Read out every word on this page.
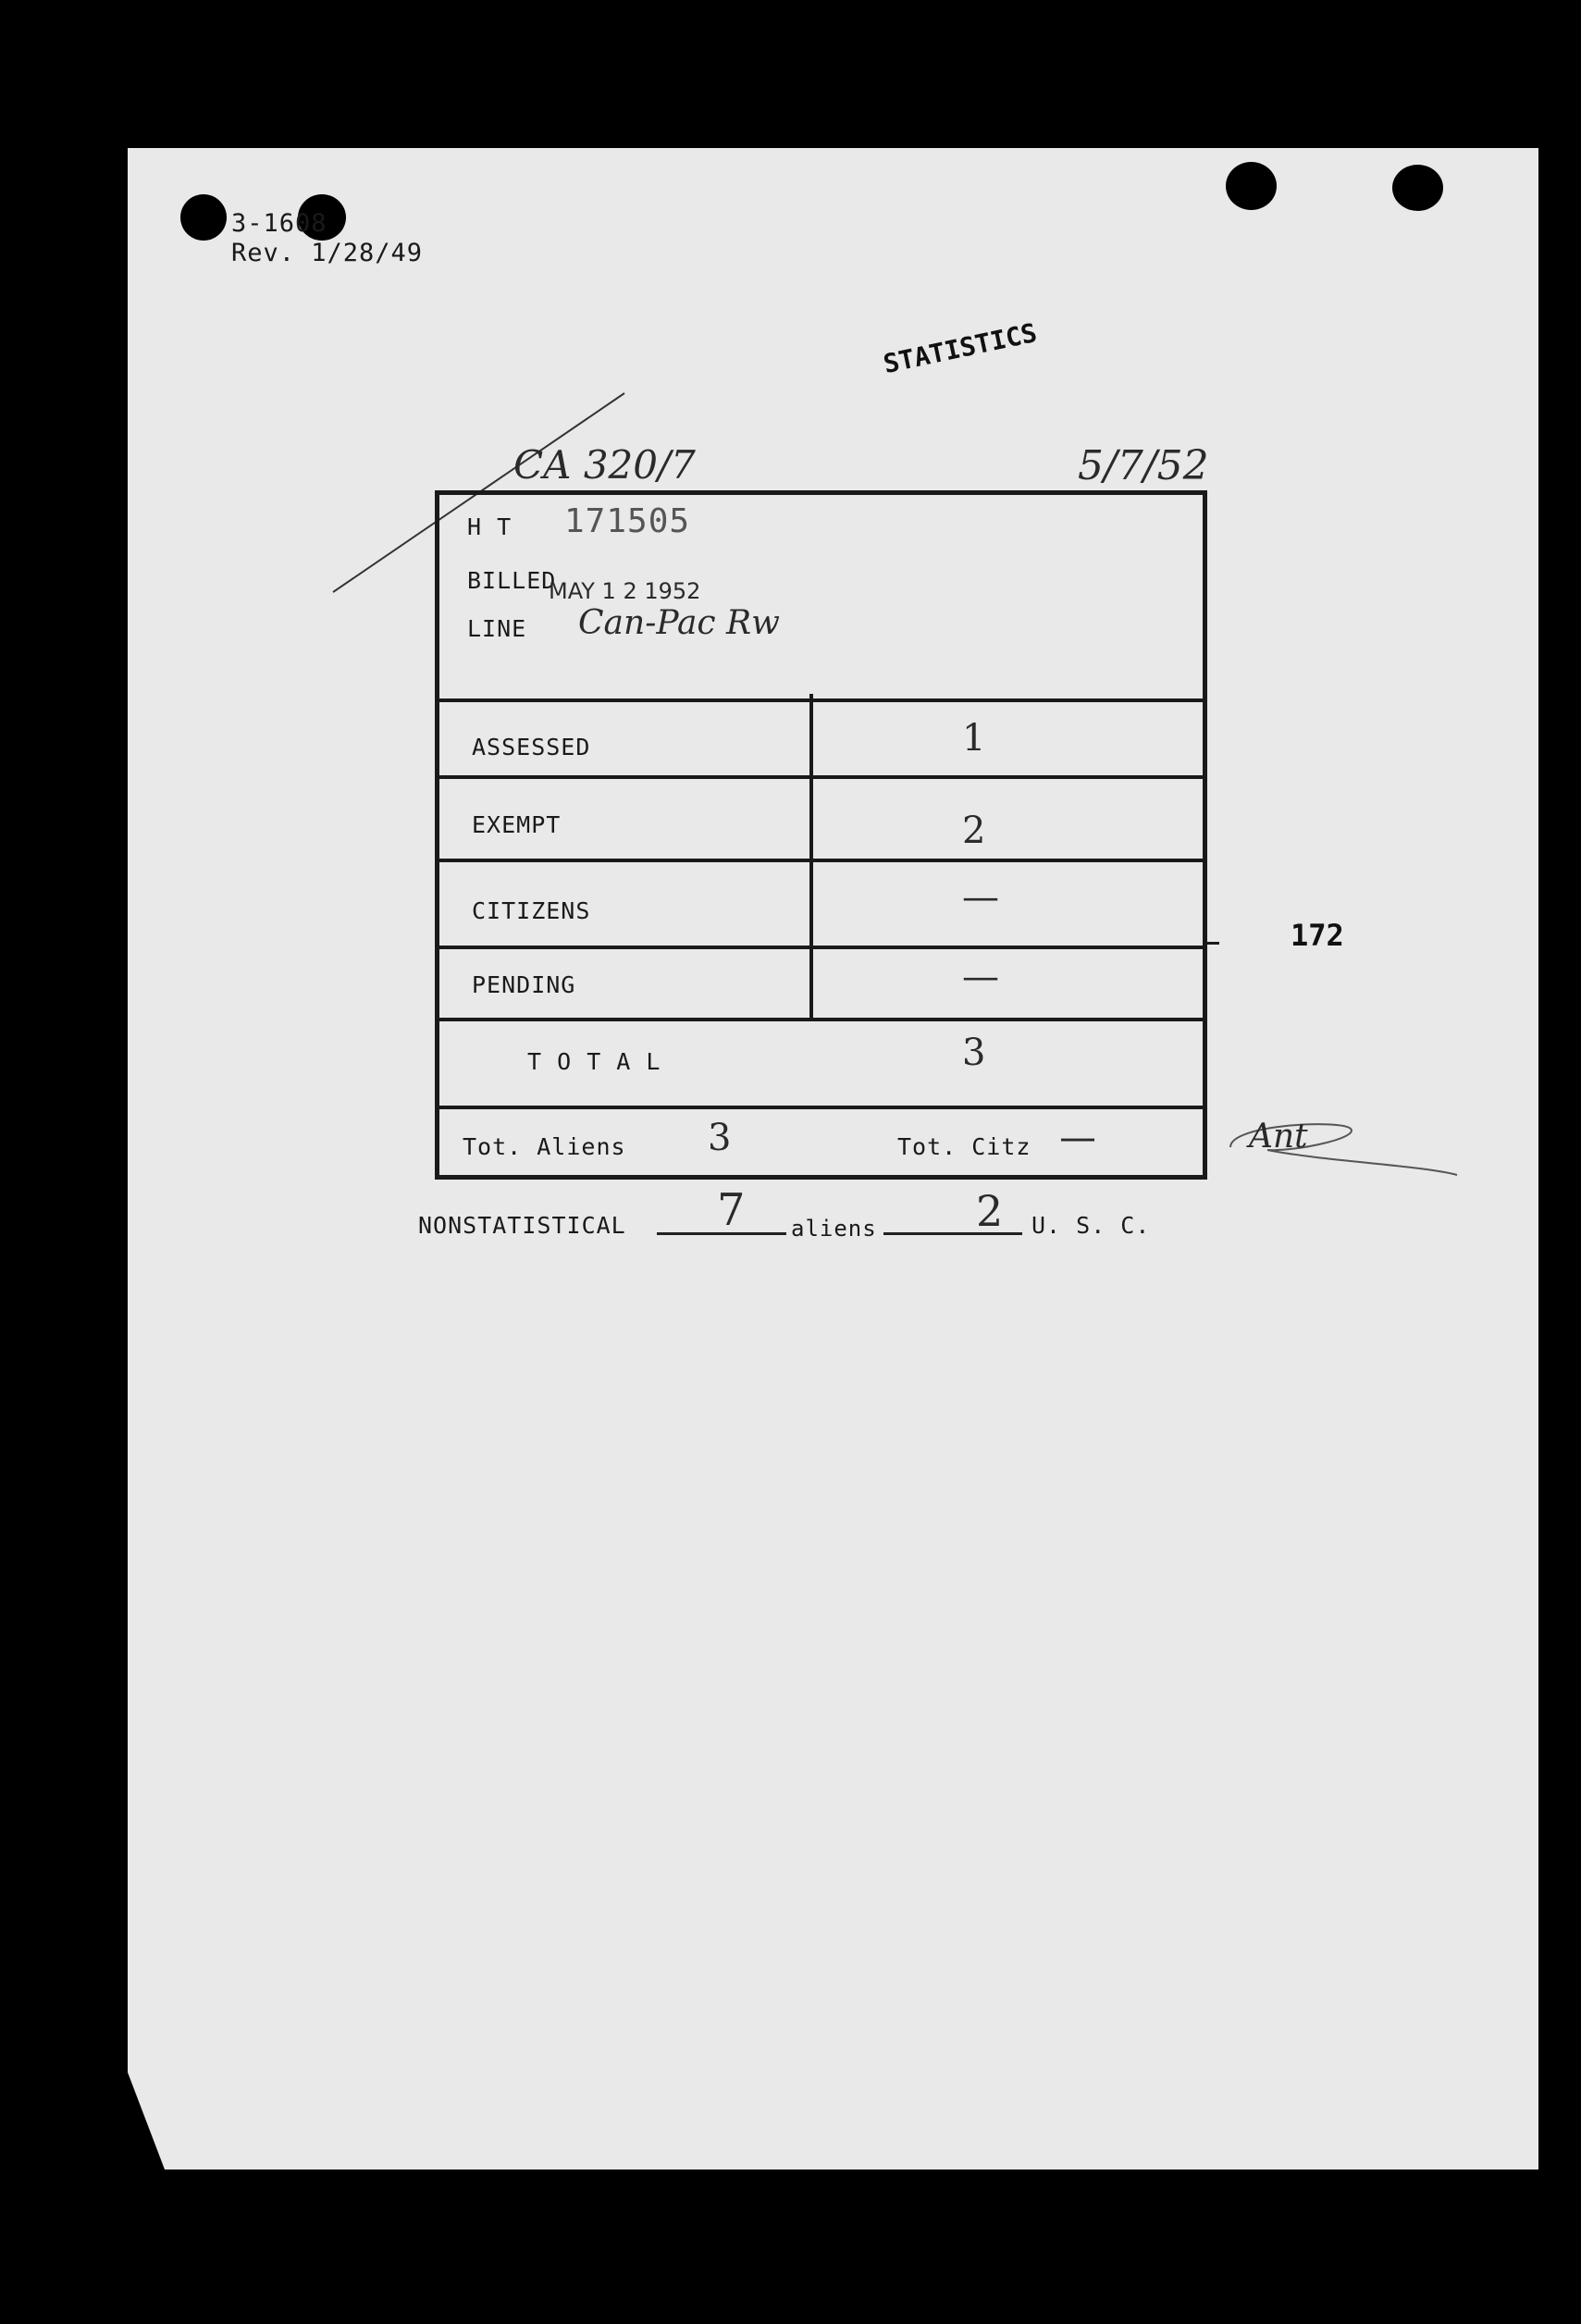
3-1608
Rev. 1/28/49
STATISTICS
CA 320/7	5/7/52
H T 171505
BILLED
MAY 1 2 1952
LINE Can-Pac Rw
ASSESSED	1
EXEMPT	2
CITIZENS	—
PENDING	—
T O T A L	3
Tot. Aliens 3	Tot. Citz —
172
Ant
NONSTATISTICAL 7 aliens 2 U. S. C.
